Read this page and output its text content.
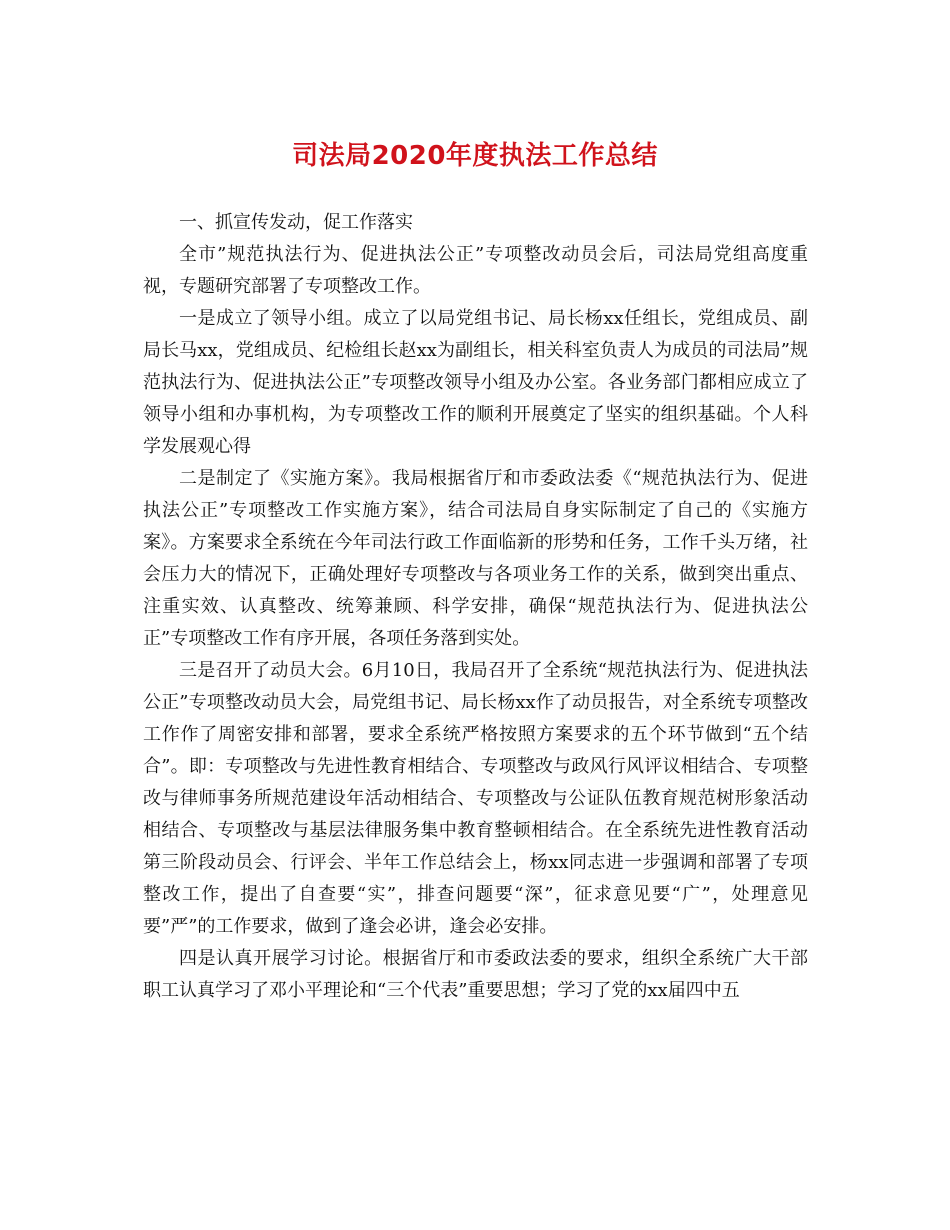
司法局2020年度执法工作总结

一、抓宣传发动，促工作落实

全市”规范执法行为、促进执法公正”专项整改动员会后，司法局党组高度重视，专题研究部署了专项整改工作。

一是成立了领导小组。成立了以局党组书记、局长杨xx任组长，党组成员、副局长马xx，党组成员、纪检组长赵xx为副组长，相关科室负责人为成员的司法局”规范执法行为、促进执法公正”专项整改领导小组及办公室。各业务部门都相应成立了领导小组和办事机构，为专项整改工作的顺利开展奠定了坚实的组织基础。个人科学发展观心得

二是制定了《实施方案》。我局根据省厅和市委政法委《“规范执法行为、促进执法公正”专项整改工作实施方案》，结合司法局自身实际制定了自己的《实施方案》。方案要求全系统在今年司法行政工作面临新的形势和任务，工作千头万绪，社会压力大的情况下，正确处理好专项整改与各项业务工作的关系，做到突出重点、注重实效、认真整改、统筹兼顾、科学安排，确保“规范执法行为、促进执法公正”专项整改工作有序开展，各项任务落到实处。

三是召开了动员大会。6月10日，我局召开了全系统“规范执法行为、促进执法公正”专项整改动员大会，局党组书记、局长杨xx作了动员报告，对全系统专项整改工作作了周密安排和部署，要求全系统严格按照方案要求的五个环节做到“五个结合”。即：专项整改与先进性教育相结合、专项整改与政风行风评议相结合、专项整改与律师事务所规范建设年活动相结合、专项整改与公证队伍教育规范树形象活动相结合、专项整改与基层法律服务集中教育整顿相结合。在全系统先进性教育活动第三阶段动员会、行评会、半年工作总结会上，杨xx同志进一步强调和部署了专项整改工作，提出了自查要“实”，排查问题要“深”，征求意见要“广”，处理意见要”严”的工作要求，做到了逢会必讲，逢会必安排。

四是认真开展学习讨论。根据省厅和市委政法委的要求，组织全系统广大干部职工认真学习了邓小平理论和“三个代表”重要思想；学习了党的xx届四中五
